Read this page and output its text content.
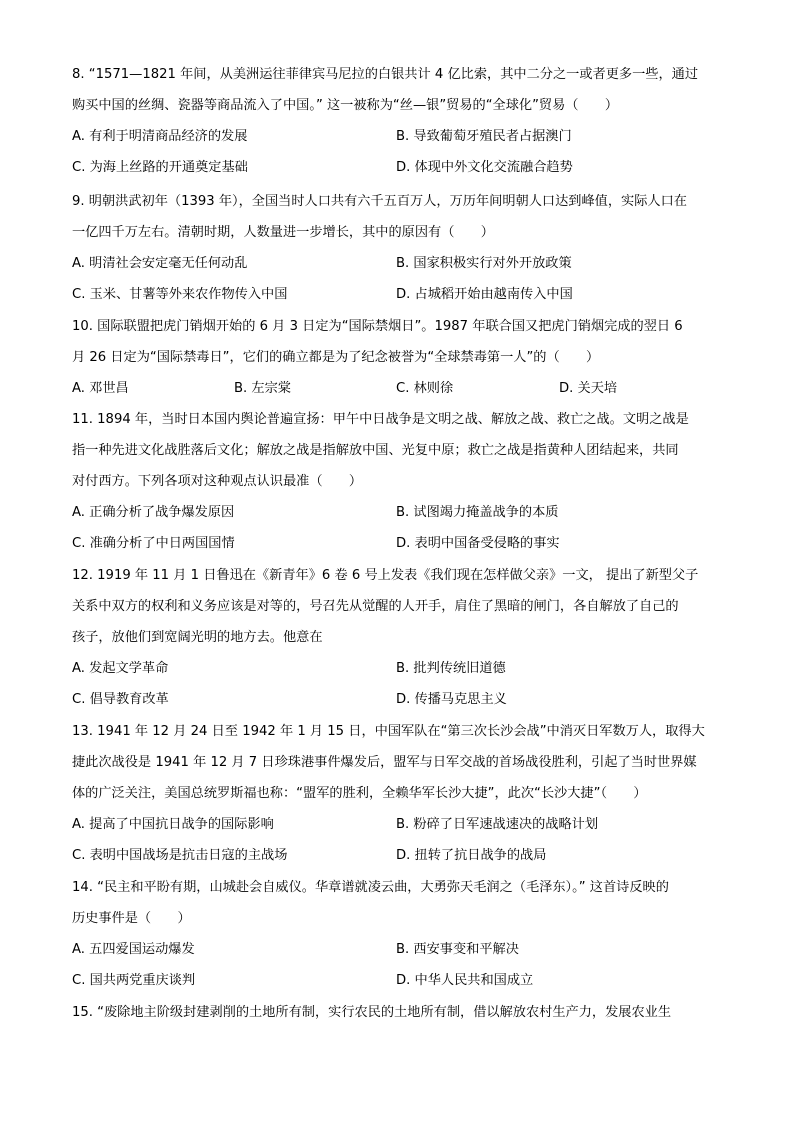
8. “1571—1821 年间，从美洲运往菲律宾马尼拉的白银共计 4 亿比索，其中二分之一或者更多一些，通过
购买中国的丝绸、瓷器等商品流入了中国。” 这一被称为“丝—银”贸易的“全球化”贸易（　　）
A. 有利于明清商品经济的发展	B. 导致葡萄牙殖民者占据澳门
C. 为海上丝路的开通奠定基础	D. 体现中外文化交流融合趋势
9. 明朝洪武初年（1393 年），全国当时人口共有六千五百万人，万历年间明朝人口达到峰值，实际人口在
一亿四千万左右。清朝时期，人数量进一步增长，其中的原因有（　　）
A. 明清社会安定毫无任何动乱	B. 国家积极实行对外开放政策
C. 玉米、甘薯等外来农作物传入中国	D. 占城稻开始由越南传入中国
10. 国际联盟把虎门销烟开始的 6 月 3 日定为“国际禁烟日”。1987 年联合国又把虎门销烟完成的翌日 6
月 26 日定为“国际禁毒日”，它们的确立都是为了纪念被誉为“全球禁毒第一人”的（　　）
A. 邓世昌	B. 左宗棠	C. 林则徐	D. 关天培
11. 1894 年，当时日本国内舆论普遍宣扬：甲午中日战争是文明之战、解放之战、救亡之战。文明之战是
指一种先进文化战胜落后文化；解放之战是指解放中国、光复中原；救亡之战是指黄种人团结起来，共同
对付西方。下列各项对这种观点认识最准（　　）
A. 正确分析了战争爆发原因	B. 试图竭力掩盖战争的本质
C. 准确分析了中日两国国情	D. 表明中国备受侵略的事实
12. 1919 年 11 月 1 日鲁迅在《新青年》6 卷 6 号上发表《我们现在怎样做父亲》一文， 提出了新型父子
关系中双方的权利和义务应该是对等的，号召先从觉醒的人开手，肩住了黑暗的闸门，各自解放了自己的
孩子，放他们到宽阔光明的地方去。他意在
A. 发起文学革命	B. 批判传统旧道德
C. 倡导教育改革	D. 传播马克思主义
13. 1941 年 12 月 24 日至 1942 年 1 月 15 日，中国军队在“第三次长沙会战”中消灭日军数万人，取得大
捷此次战役是 1941 年 12 月 7 日珍珠港事件爆发后，盟军与日军交战的首场战役胜利，引起了当时世界媒
体的广泛关注，美国总统罗斯福也称：“盟军的胜利，全赖华军长沙大捷”，此次“长沙大捷”（　　）
A. 提高了中国抗日战争的国际影响	B. 粉碎了日军速战速决的战略计划
C. 表明中国战场是抗击日寇的主战场	D. 扭转了抗日战争的战局
14. “民主和平盼有期，山城赴会自威仪。华章谱就凌云曲，大勇弥天毛润之（毛泽东）。” 这首诗反映的
历史事件是（　　）
A. 五四爱国运动爆发	B. 西安事变和平解决
C. 国共两党重庆谈判	D. 中华人民共和国成立
15. “废除地主阶级封建剥削的土地所有制，实行农民的土地所有制，借以解放农村生产力，发展农业生
